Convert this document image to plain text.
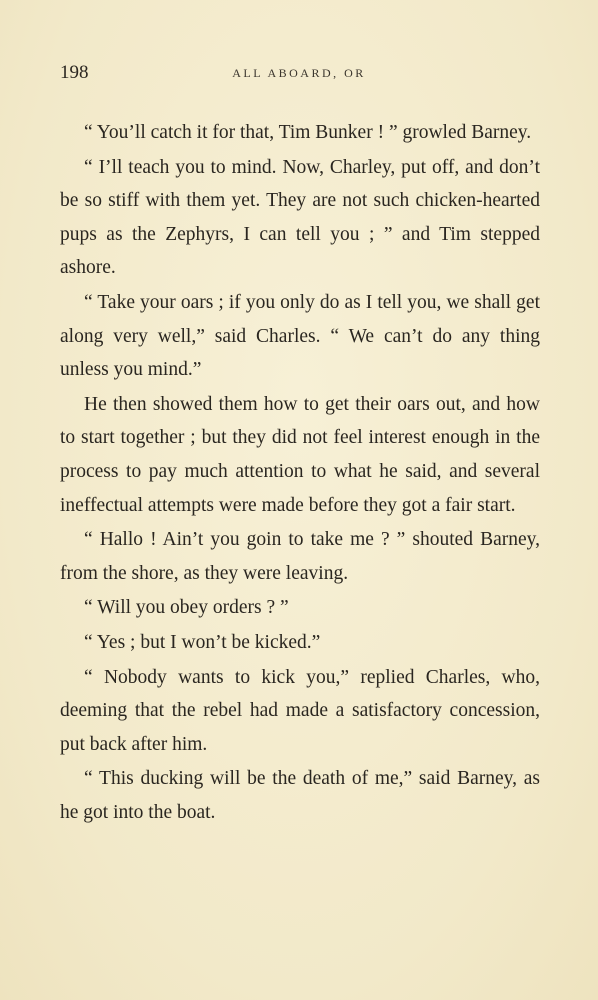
198	ALL ABOARD, OR

“ You’ll catch it for that, Tim Bunker ! ” growled Barney.

“ I’ll teach you to mind. Now, Charley, put off, and don’t be so stiff with them yet. They are not such chicken-hearted pups as the Zephyrs, I can tell you ; ” and Tim stepped ashore.

“ Take your oars ; if you only do as I tell you, we shall get along very well,” said Charles. “ We can’t do any thing unless you mind.”

He then showed them how to get their oars out, and how to start together ; but they did not feel interest enough in the process to pay much attention to what he said, and several ineffectual attempts were made before they got a fair start.

“ Hallo ! Ain’t you goin to take me ? ” shouted Barney, from the shore, as they were leaving.

“ Will you obey orders ? ”

“ Yes ; but I won’t be kicked.”

“ Nobody wants to kick you,” replied Charles, who, deeming that the rebel had made a satisfactory concession, put back after him.

“ This ducking will be the death of me,” said Barney, as he got into the boat.
